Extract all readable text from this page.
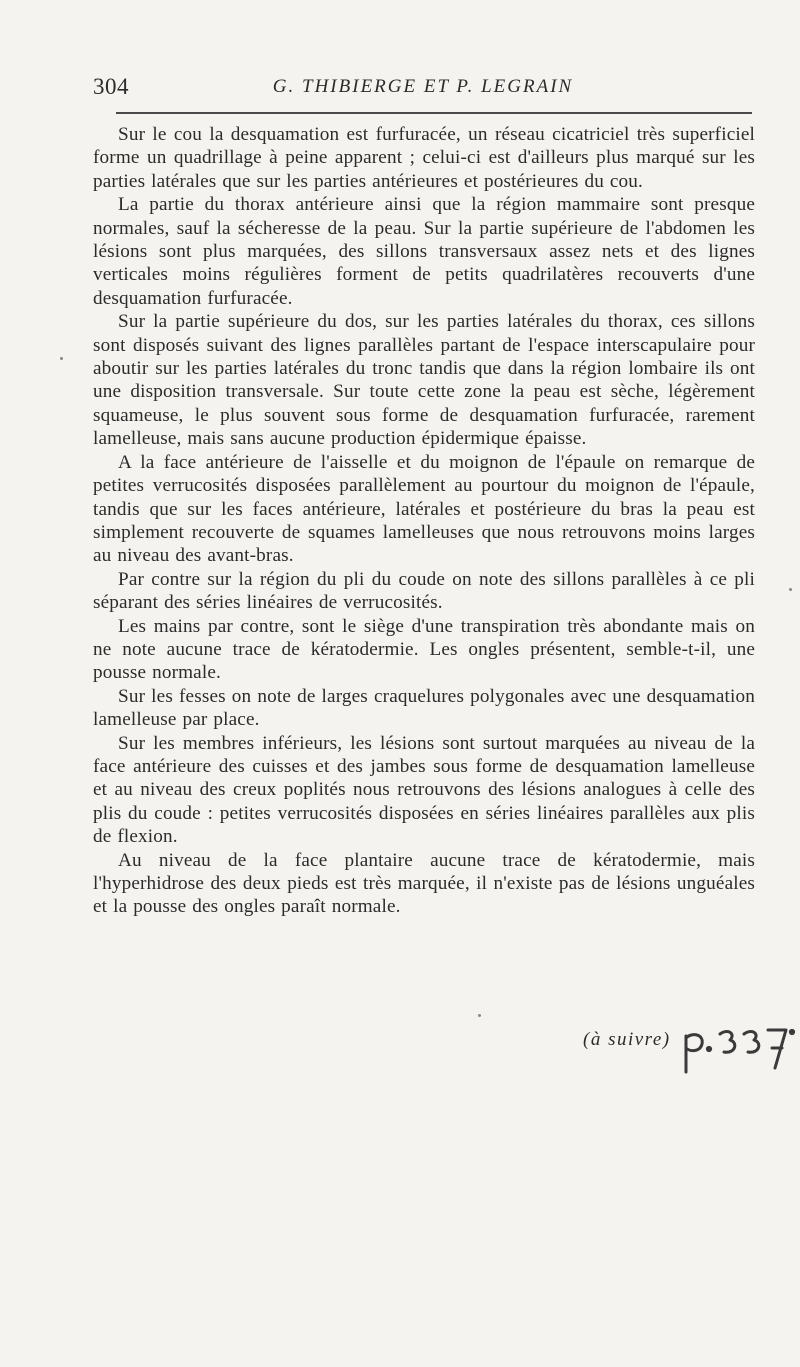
304	G. THIBIERGE ET P. LEGRAIN

Sur le cou la desquamation est furfuracée, un réseau cicatriciel très superficiel forme un quadrillage à peine apparent ; celui-ci est d'ailleurs plus marqué sur les parties latérales que sur les parties antérieures et postérieures du cou.

La partie du thorax antérieure ainsi que la région mammaire sont presque normales, sauf la sécheresse de la peau. Sur la partie supérieure de l'abdomen les lésions sont plus marquées, des sillons transversaux assez nets et des lignes verticales moins régulières forment de petits quadrilatères recouverts d'une desquamation furfuracée.

Sur la partie supérieure du dos, sur les parties latérales du thorax, ces sillons sont disposés suivant des lignes parallèles partant de l'espace interscapulaire pour aboutir sur les parties latérales du tronc tandis que dans la région lombaire ils ont une disposition transversale. Sur toute cette zone la peau est sèche, légèrement squameuse, le plus souvent sous forme de desquamation furfuracée, rarement lamelleuse, mais sans aucune production épidermique épaisse.

A la face antérieure de l'aisselle et du moignon de l'épaule on remarque de petites verrucosités disposées parallèlement au pourtour du moignon de l'épaule, tandis que sur les faces antérieure, latérales et postérieure du bras la peau est simplement recouverte de squames lamelleuses que nous retrouvons moins larges au niveau des avant-bras.

Par contre sur la région du pli du coude on note des sillons parallèles à ce pli séparant des séries linéaires de verrucosités.

Les mains par contre, sont le siège d'une transpiration très abondante mais on ne note aucune trace de kératodermie. Les ongles présentent, semble-t-il, une pousse normale.

Sur les fesses on note de larges craquelures polygonales avec une desquamation lamelleuse par place.

Sur les membres inférieurs, les lésions sont surtout marquées au niveau de la face antérieure des cuisses et des jambes sous forme de desquamation lamelleuse et au niveau des creux poplités nous retrouvons des lésions analogues à celle des plis du coude : petites verrucosités disposées en séries linéaires parallèles aux plis de flexion.

Au niveau de la face plantaire aucune trace de kératodermie, mais l'hyperhidrose des deux pieds est très marquée, il n'existe pas de lésions unguéales et la pousse des ongles paraît normale.

(à suivre)
